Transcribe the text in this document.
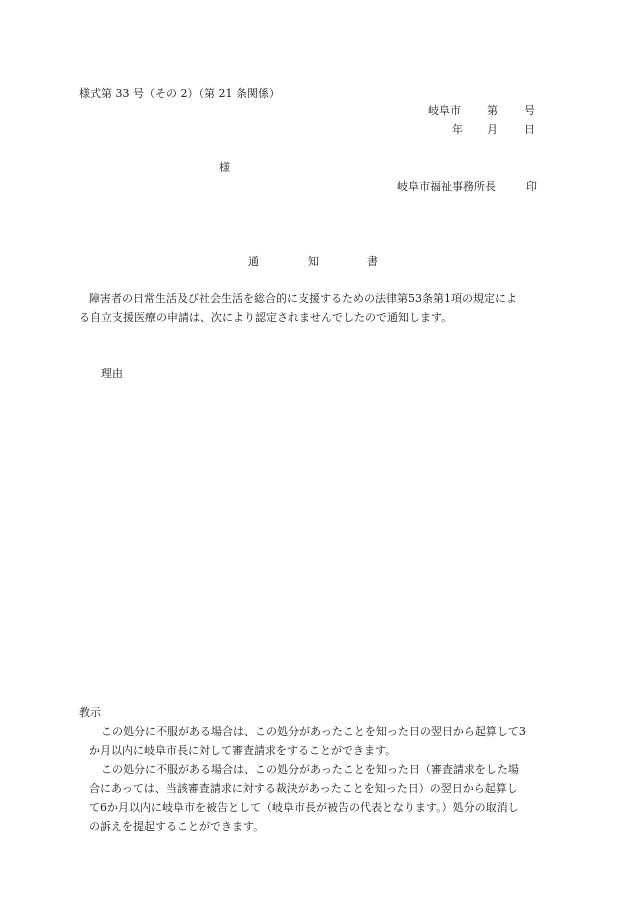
様式第 33 号（その 2）（第 21 条関係）
岐阜市 第 号
年 月 日
様
岐阜市福祉事務所長	印
通	知	書
障害者の日常生活及び社会生活を総合的に支援するための法律第53条第1項の規定によ
る自立支援医療の申請は、次により認定されませんでしたので通知します。
理由
教示
この処分に不服がある場合は、この処分があったことを知った日の翌日から起算して3
か月以内に岐阜市長に対して審査請求をすることができます。
この処分に不服がある場合は、この処分があったことを知った日（審査請求をした場
合にあっては、当該審査請求に対する裁決があったことを知った日）の翌日から起算し
て6か月以内に岐阜市を被告として（岐阜市長が被告の代表となります。）処分の取消し
の訴えを提起することができます。
